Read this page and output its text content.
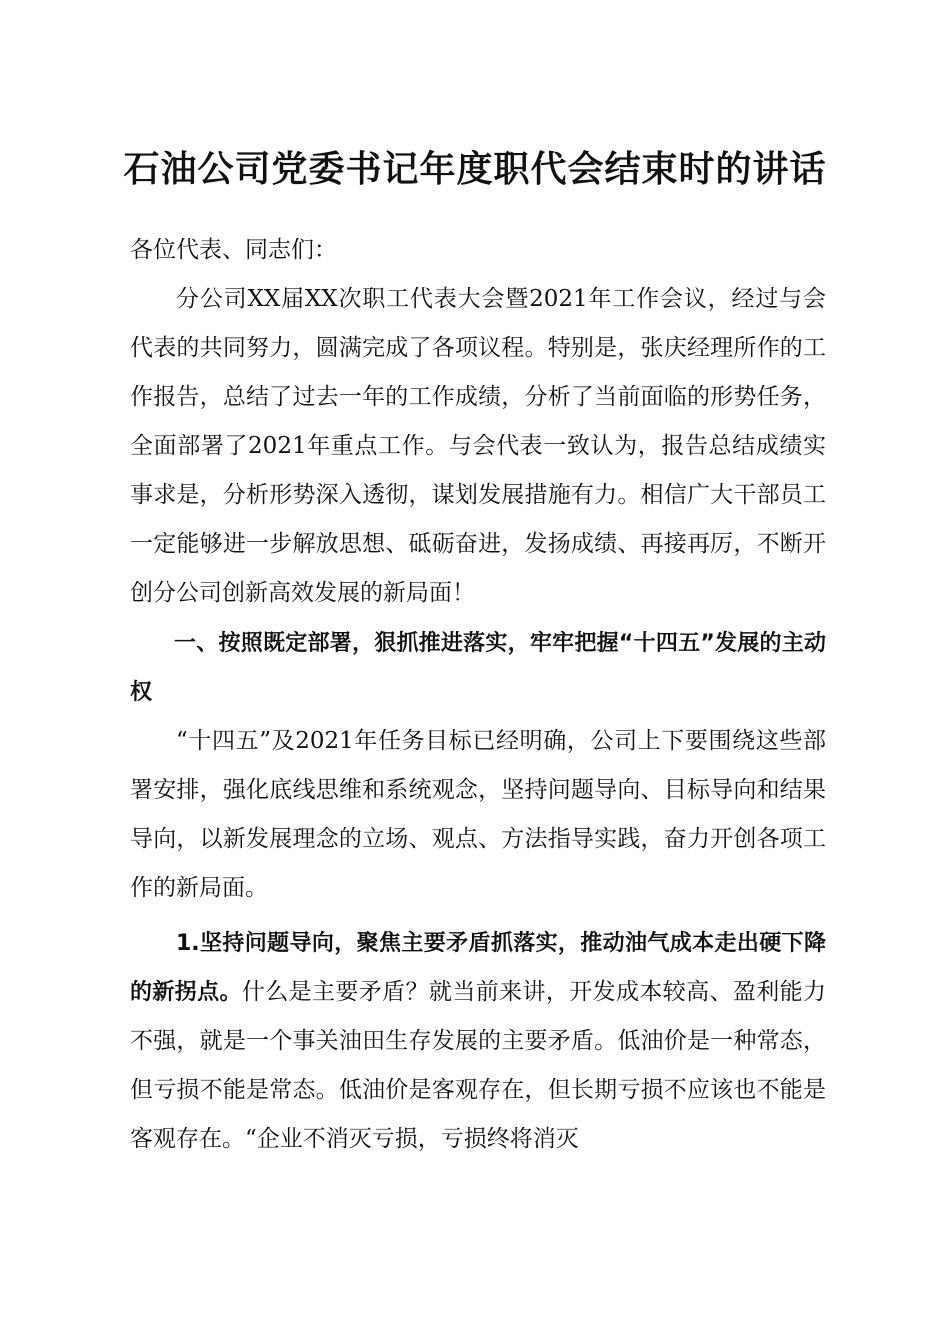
石油公司党委书记年度职代会结束时的讲话

各位代表、同志们：

分公司XX届XX次职工代表大会暨2021年工作会议，经过与会代表的共同努力，圆满完成了各项议程。特别是，张庆经理所作的工作报告，总结了过去一年的工作成绩，分析了当前面临的形势任务，全面部署了2021年重点工作。与会代表一致认为，报告总结成绩实事求是，分析形势深入透彻，谋划发展措施有力。相信广大干部员工一定能够进一步解放思想、砥砺奋进，发扬成绩、再接再厉，不断开创分公司创新高效发展的新局面！

一、按照既定部署，狠抓推进落实，牢牢把握“十四五”发展的主动权

“十四五”及2021年任务目标已经明确，公司上下要围绕这些部署安排，强化底线思维和系统观念，坚持问题导向、目标导向和结果导向，以新发展理念的立场、观点、方法指导实践，奋力开创各项工作的新局面。

1.坚持问题导向，聚焦主要矛盾抓落实，推动油气成本走出硬下降的新拐点。什么是主要矛盾？就当前来讲，开发成本较高、盈利能力不强，就是一个事关油田生存发展的主要矛盾。低油价是一种常态，但亏损不能是常态。低油价是客观存在，但长期亏损不应该也不能是客观存在。“企业不消灭亏损，亏损终将消灭
